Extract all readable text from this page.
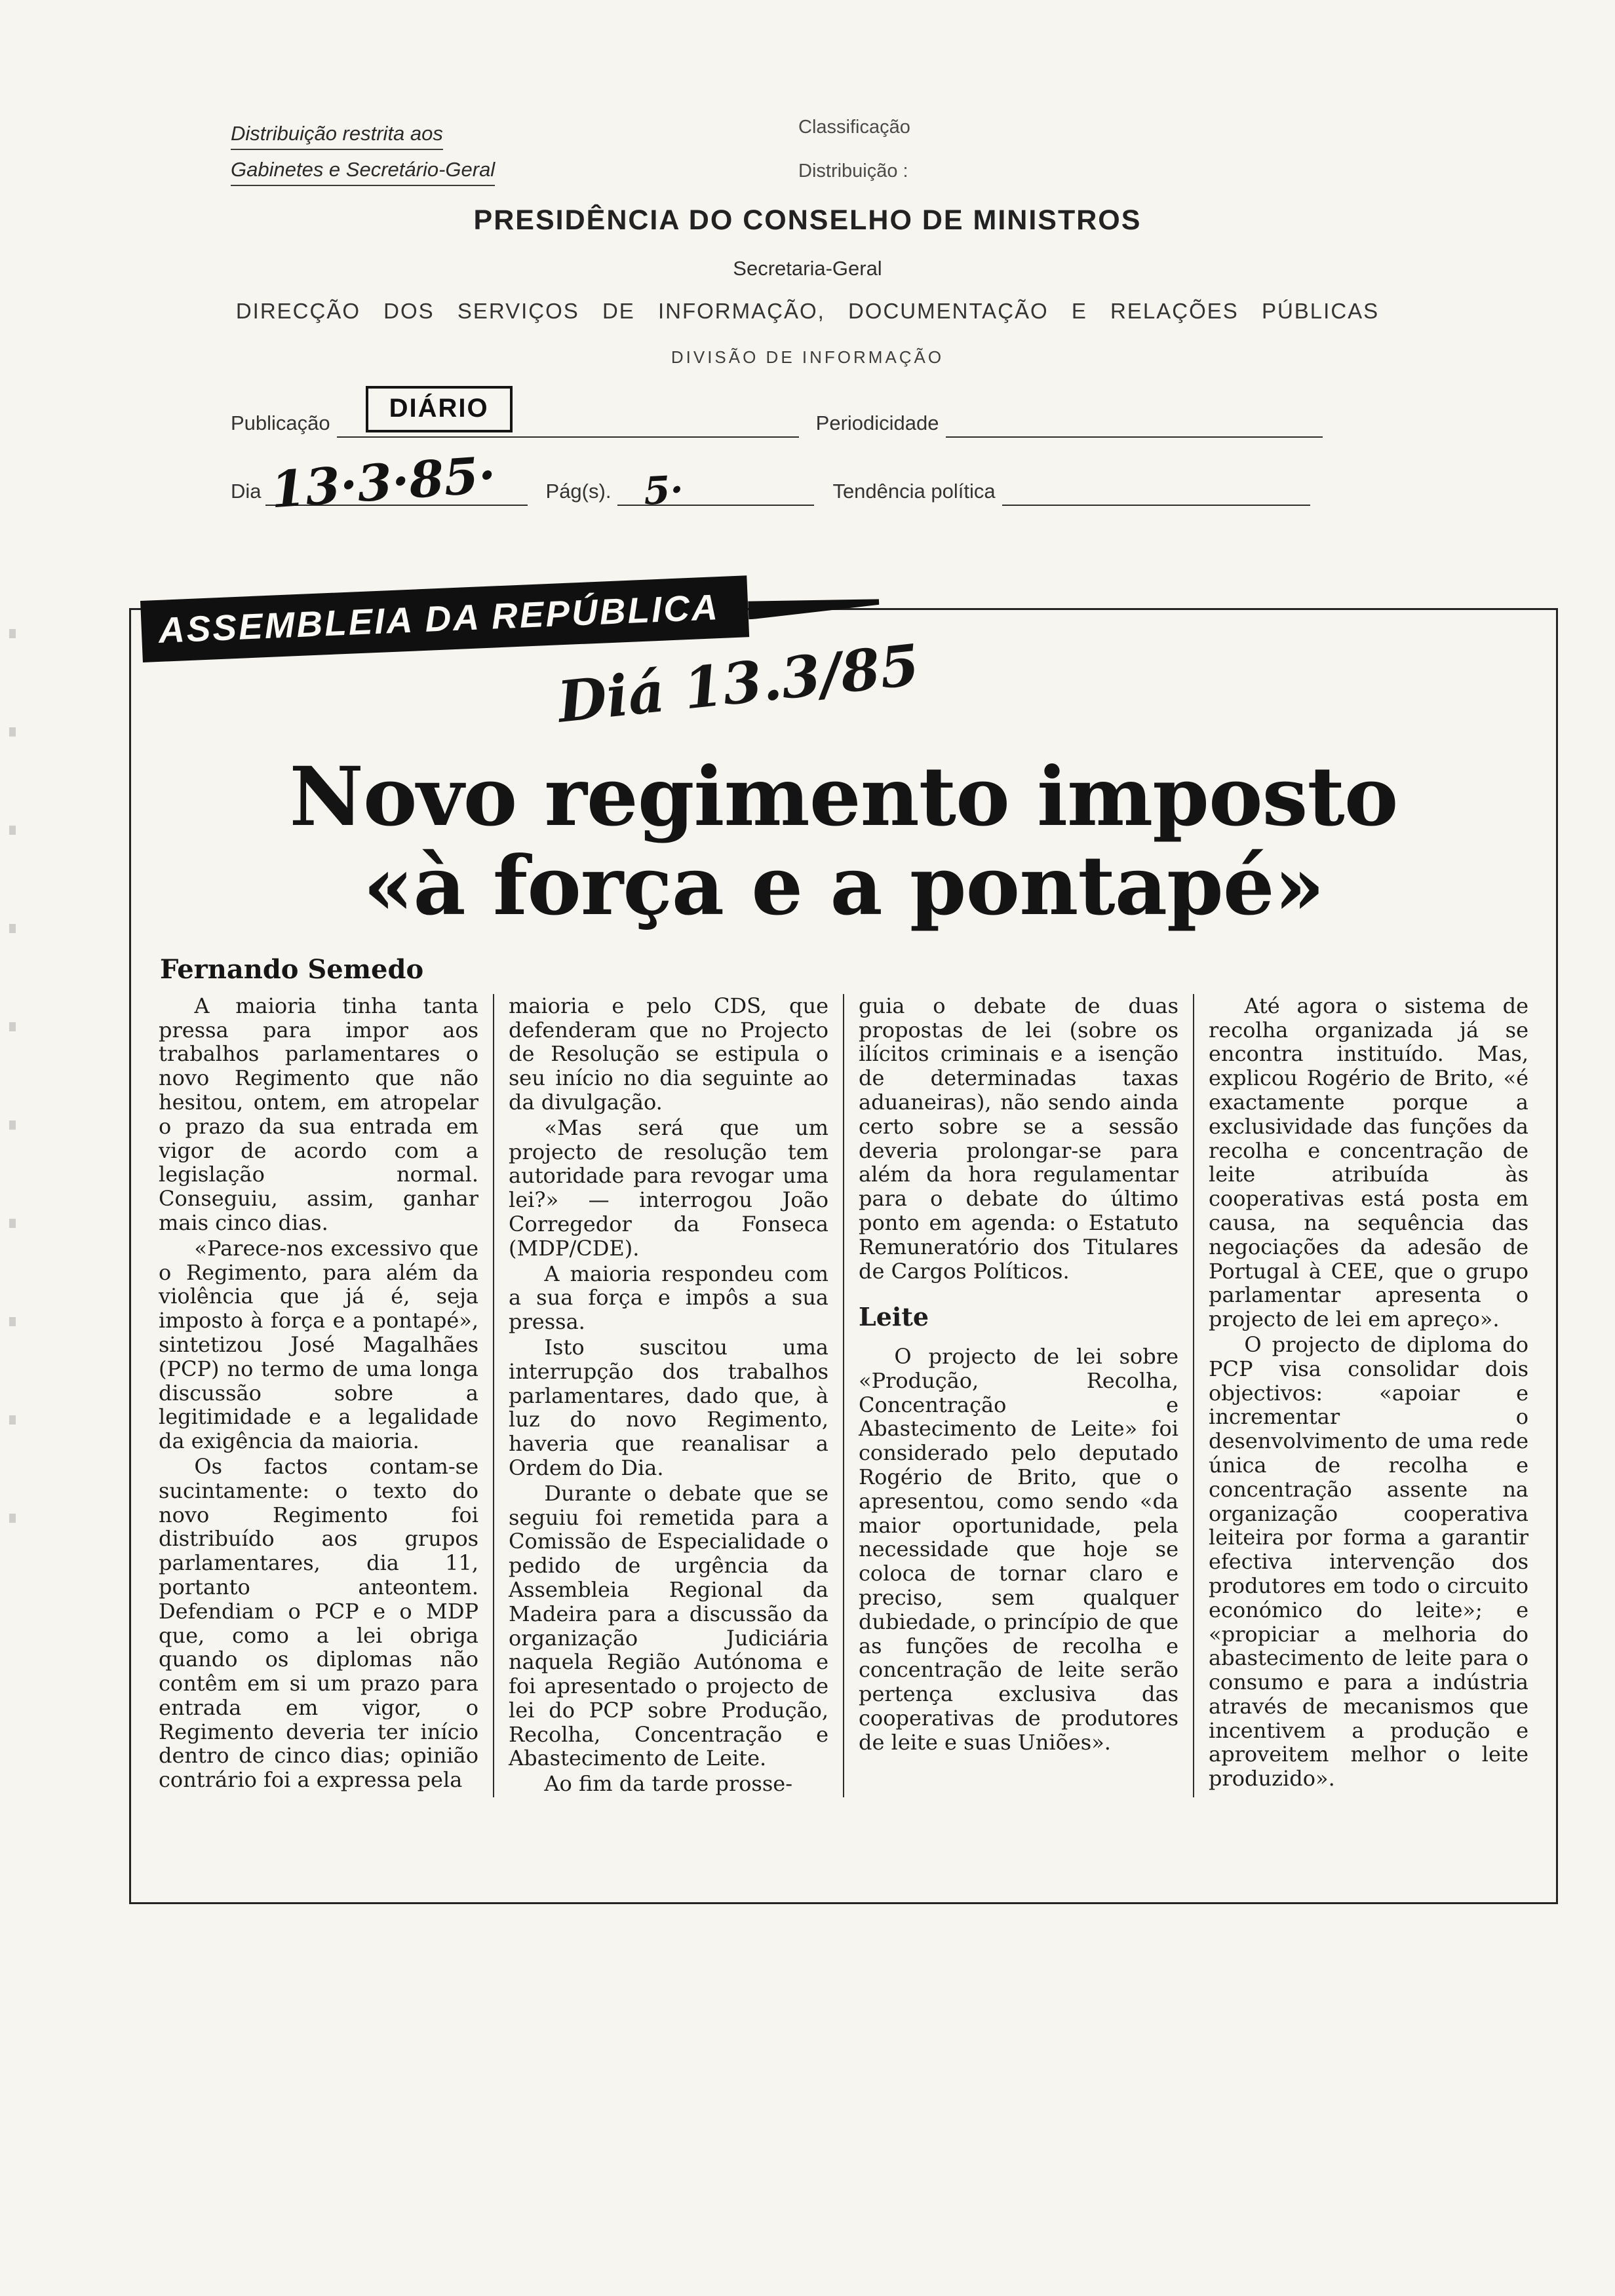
Distribuição restrita aos
Gabinetes e Secretário-Geral
Classificação
Distribuição :
PRESIDÊNCIA DO CONSELHO DE MINISTROS
Secretaria-Geral
DIRECÇÃO DOS SERVIÇOS DE INFORMAÇÃO, DOCUMENTAÇÃO E RELAÇÕES PÚBLICAS
DIVISÃO DE INFORMAÇÃO
Publicação
DIÁRIO
Periodicidade
Dia 13·3·85·	Pág(s). 5·	Tendência política
ASSEMBLEIA DA REPÚBLICA
Diá 13.3/85
Novo regimento imposto
«à força e a pontapé»
Fernando Semedo

A maioria tinha tanta pressa para impor aos trabalhos parlamentares o novo Regimento que não hesitou, ontem, em atropelar o prazo da sua entrada em vigor de acordo com a legislação normal. Conseguiu, assim, ganhar mais cinco dias.

«Parece-nos excessivo que o Regimento, para além da violência que já é, seja imposto à força e a pontapé», sintetizou José Magalhães (PCP) no termo de uma longa discussão sobre a legitimidade e a legalidade da exigência da maioria.

Os factos contam-se sucintamente: o texto do novo Regimento foi distribuído aos grupos parlamentares, dia 11, portanto anteontem. Defendiam o PCP e o MDP que, como a lei obriga quando os diplomas não contêm em si um prazo para entrada em vigor, o Regimento deveria ter início dentro de cinco dias; opinião contrário foi a expressa pela

maioria e pelo CDS, que defenderam que no Projecto de Resolução se estipula o seu início no dia seguinte ao da divulgação.

«Mas será que um projecto de resolução tem autoridade para revogar uma lei?» — interrogou João Corregedor da Fonseca (MDP/CDE).

A maioria respondeu com a sua força e impôs a sua pressa.

Isto suscitou uma interrupção dos trabalhos parlamentares, dado que, à luz do novo Regimento, haveria que reanalisar a Ordem do Dia.

Durante o debate que se seguiu foi remetida para a Comissão de Especialidade o pedido de urgência da Assembleia Regional da Madeira para a discussão da organização Judiciária naquela Região Autónoma e foi apresentado o projecto de lei do PCP sobre Produção, Recolha, Concentração e Abastecimento de Leite.

Ao fim da tarde prosse-

guia o debate de duas propostas de lei (sobre os ilícitos criminais e a isenção de determinadas taxas aduaneiras), não sendo ainda certo sobre se a sessão deveria prolongar-se para além da hora regulamentar para o debate do último ponto em agenda: o Estatuto Remuneratório dos Titulares de Cargos Políticos.

Leite

O projecto de lei sobre «Produção, Recolha, Concentração e Abastecimento de Leite» foi considerado pelo deputado Rogério de Brito, que o apresentou, como sendo «da maior oportunidade, pela necessidade que hoje se coloca de tornar claro e preciso, sem qualquer dubiedade, o princípio de que as funções de recolha e concentração de leite serão pertença exclusiva das cooperativas de produtores de leite e suas Uniões».

Até agora o sistema de recolha organizada já se encontra instituído. Mas, explicou Rogério de Brito, «é exactamente porque a exclusividade das funções da recolha e concentração de leite atribuída às cooperativas está posta em causa, na sequência das negociações da adesão de Portugal à CEE, que o grupo parlamentar apresenta o projecto de lei em apreço».

O projecto de diploma do PCP visa consolidar dois objectivos: «apoiar e incrementar o desenvolvimento de uma rede única de recolha e concentração assente na organização cooperativa leiteira por forma a garantir efectiva intervenção dos produtores em todo o circuito económico do leite»; e «propiciar a melhoria do abastecimento de leite para o consumo e para a indústria através de mecanismos que incentivem a produção e aproveitem melhor o leite produzido».
